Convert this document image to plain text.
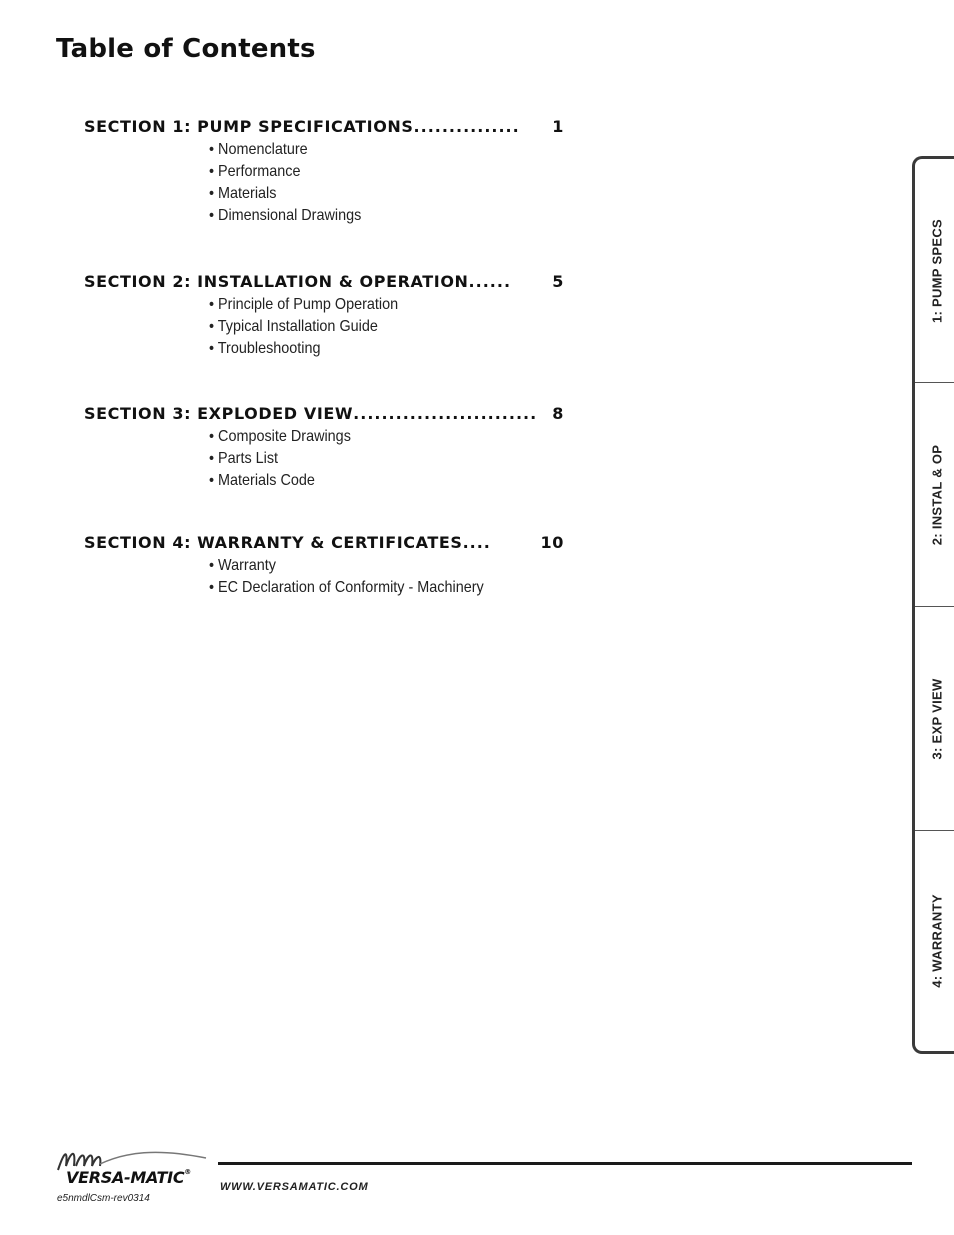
Table of Contents
SECTION 1: PUMP SPECIFICATIONS ...............	1
• Nomenclature
• Performance
• Materials
• Dimensional Drawings
SECTION 2: INSTALLATION & OPERATION ......	5
• Principle of Pump Operation
• Typical Installation Guide
• Troubleshooting
SECTION 3: EXPLODED VIEW .......................... 8
• Composite Drawings
• Parts List
• Materials Code
SECTION 4: WARRANTY & CERTIFICATES ....	10
• Warranty
• EC Declaration of Conformity - Machinery
1: PUMP SPECS
2: INSTAL & OP
3: EXP VIEW
4: WARRANTY
VERSA-MATIC®
e5nmdlCsm-rev0314
WWW.VERSAMATIC.COM
